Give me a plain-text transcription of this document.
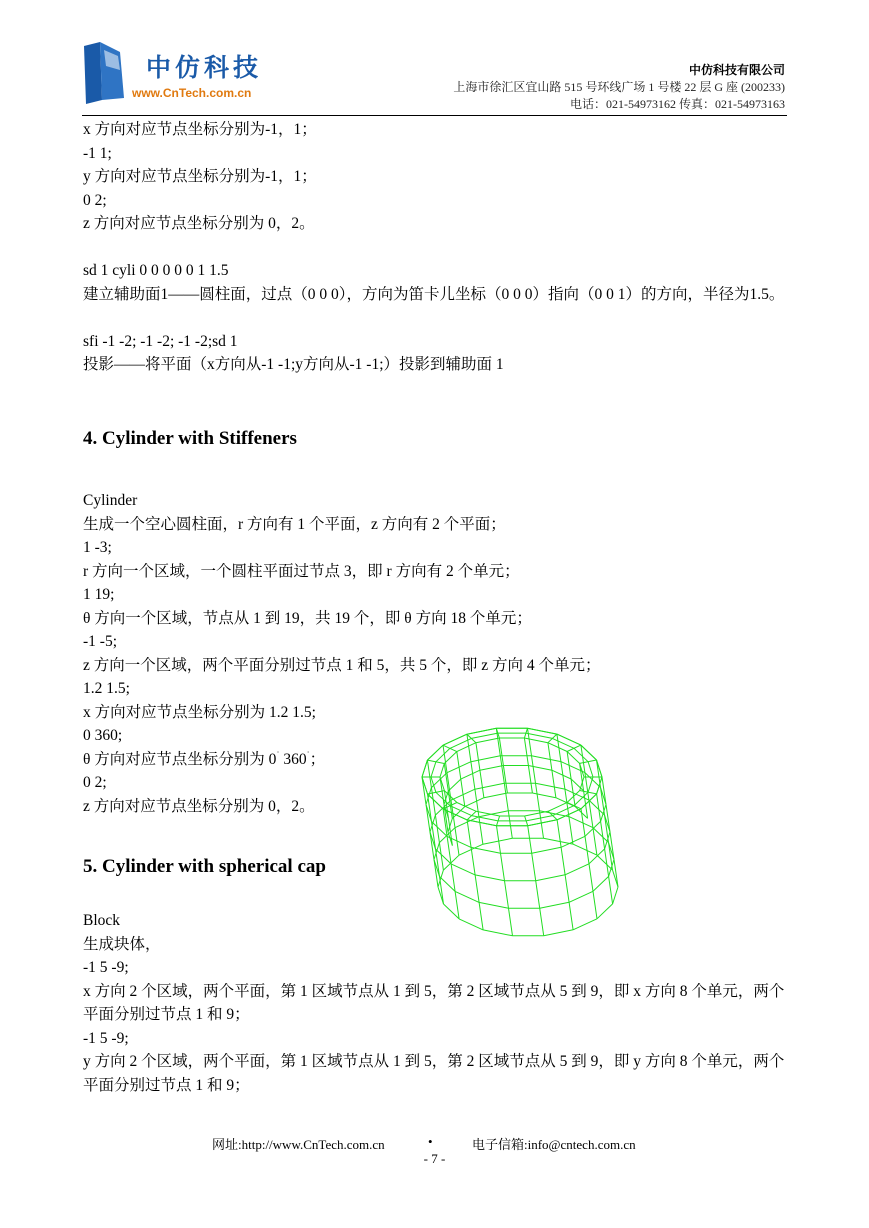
中仿科技
www.CnTech.com.cn
中仿科技有限公司
上海市徐汇区宜山路 515 号环线广场 1 号楼 22 层 G 座 (200233)
电话：021-54973162 传真：021-54973163
x 方向对应节点坐标分别为-1，1；
-1 1;
y 方向对应节点坐标分别为-1，1；
0 2;
z 方向对应节点坐标分别为 0，2。
sd 1 cyli 0 0 0 0 0 1 1.5
建立辅助面1——圆柱面，过点（0 0 0），方向为笛卡儿坐标（0 0 0）指向（0 0 1）的方向，半径为1.5。
sfi -1 -2; -1 -2; -1 -2;sd 1
投影——将平面（x方向从-1 -1;y方向从-1 -1;）投影到辅助面 1
4. Cylinder with Stiffeners
Cylinder
生成一个空心圆柱面，r 方向有 1 个平面，z 方向有 2 个平面；
1 -3;
r 方向一个区域，一个圆柱平面过节点 3，即 r 方向有 2 个单元；
1 19;
θ 方向一个区域，节点从 1 到 19，共 19 个，即 θ 方向 18 个单元；
-1 -5;
z 方向一个区域，两个平面分别过节点 1 和 5，共 5 个，即 z 方向 4 个单元；
1.2 1.5;
x 方向对应节点坐标分别为 1.2 1.5;
0 360;
θ 方向对应节点坐标分别为 0˙ 360˙；
0 2;
z 方向对应节点坐标分别为 0，2。
5. Cylinder with spherical cap
Block
生成块体，
-1 5 -9;
x 方向 2 个区域，两个平面，第 1 区域节点从 1 到 5，第 2 区域节点从 5 到 9，即 x 方向 8 个单元，两个平面分别过节点 1 和 9；
-1 5 -9;
y 方向 2 个区域，两个平面，第 1 区域节点从 1 到 5，第 2 区域节点从 5 到 9，即 y 方向 8 个单元，两个平面分别过节点 1 和 9；
网址:http://www.CnTech.com.cn	•	电子信箱:info@cntech.com.cn
- 7 -
